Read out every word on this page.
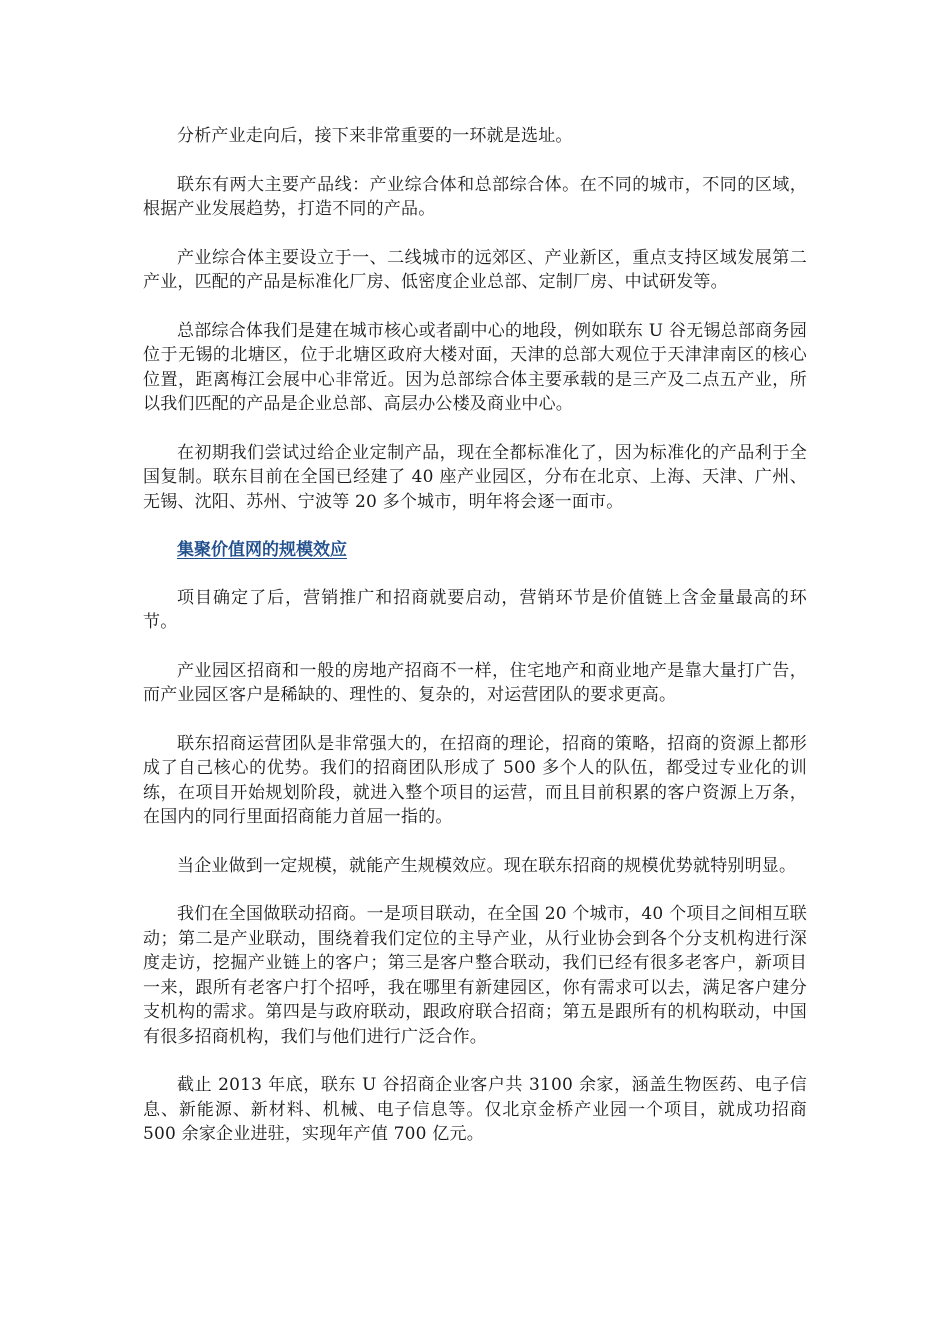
分析产业走向后，接下来非常重要的一环就是选址。

联东有两大主要产品线：产业综合体和总部综合体。在不同的城市，不同的区域，根据产业发展趋势，打造不同的产品。

产业综合体主要设立于一、二线城市的远郊区、产业新区，重点支持区域发展第二产业，匹配的产品是标准化厂房、低密度企业总部、定制厂房、中试研发等。

总部综合体我们是建在城市核心或者副中心的地段，例如联东 U 谷无锡总部商务园位于无锡的北塘区，位于北塘区政府大楼对面，天津的总部大观位于天津津南区的核心位置，距离梅江会展中心非常近。因为总部综合体主要承载的是三产及二点五产业，所以我们匹配的产品是企业总部、高层办公楼及商业中心。

在初期我们尝试过给企业定制产品，现在全都标准化了，因为标准化的产品利于全国复制。联东目前在全国已经建了 40 座产业园区，分布在北京、上海、天津、广州、无锡、沈阳、苏州、宁波等 20 多个城市，明年将会逐一面市。

集聚价值网的规模效应

项目确定了后，营销推广和招商就要启动，营销环节是价值链上含金量最高的环节。

产业园区招商和一般的房地产招商不一样，住宅地产和商业地产是靠大量打广告，而产业园区客户是稀缺的、理性的、复杂的，对运营团队的要求更高。

联东招商运营团队是非常强大的，在招商的理论，招商的策略，招商的资源上都形成了自己核心的优势。我们的招商团队形成了 500 多个人的队伍，都受过专业化的训练，在项目开始规划阶段，就进入整个项目的运营，而且目前积累的客户资源上万条，在国内的同行里面招商能力首屈一指的。

当企业做到一定规模，就能产生规模效应。现在联东招商的规模优势就特别明显。

我们在全国做联动招商。一是项目联动，在全国 20 个城市，40 个项目之间相互联动；第二是产业联动，围绕着我们定位的主导产业，从行业协会到各个分支机构进行深度走访，挖掘产业链上的客户；第三是客户整合联动，我们已经有很多老客户，新项目一来，跟所有老客户打个招呼，我在哪里有新建园区，你有需求可以去，满足客户建分支机构的需求。第四是与政府联动，跟政府联合招商；第五是跟所有的机构联动，中国有很多招商机构，我们与他们进行广泛合作。

截止 2013 年底，联东 U 谷招商企业客户共 3100 余家，涵盖生物医药、电子信息、新能源、新材料、机械、电子信息等。仅北京金桥产业园一个项目，就成功招商 500 余家企业进驻，实现年产值 700 亿元。
